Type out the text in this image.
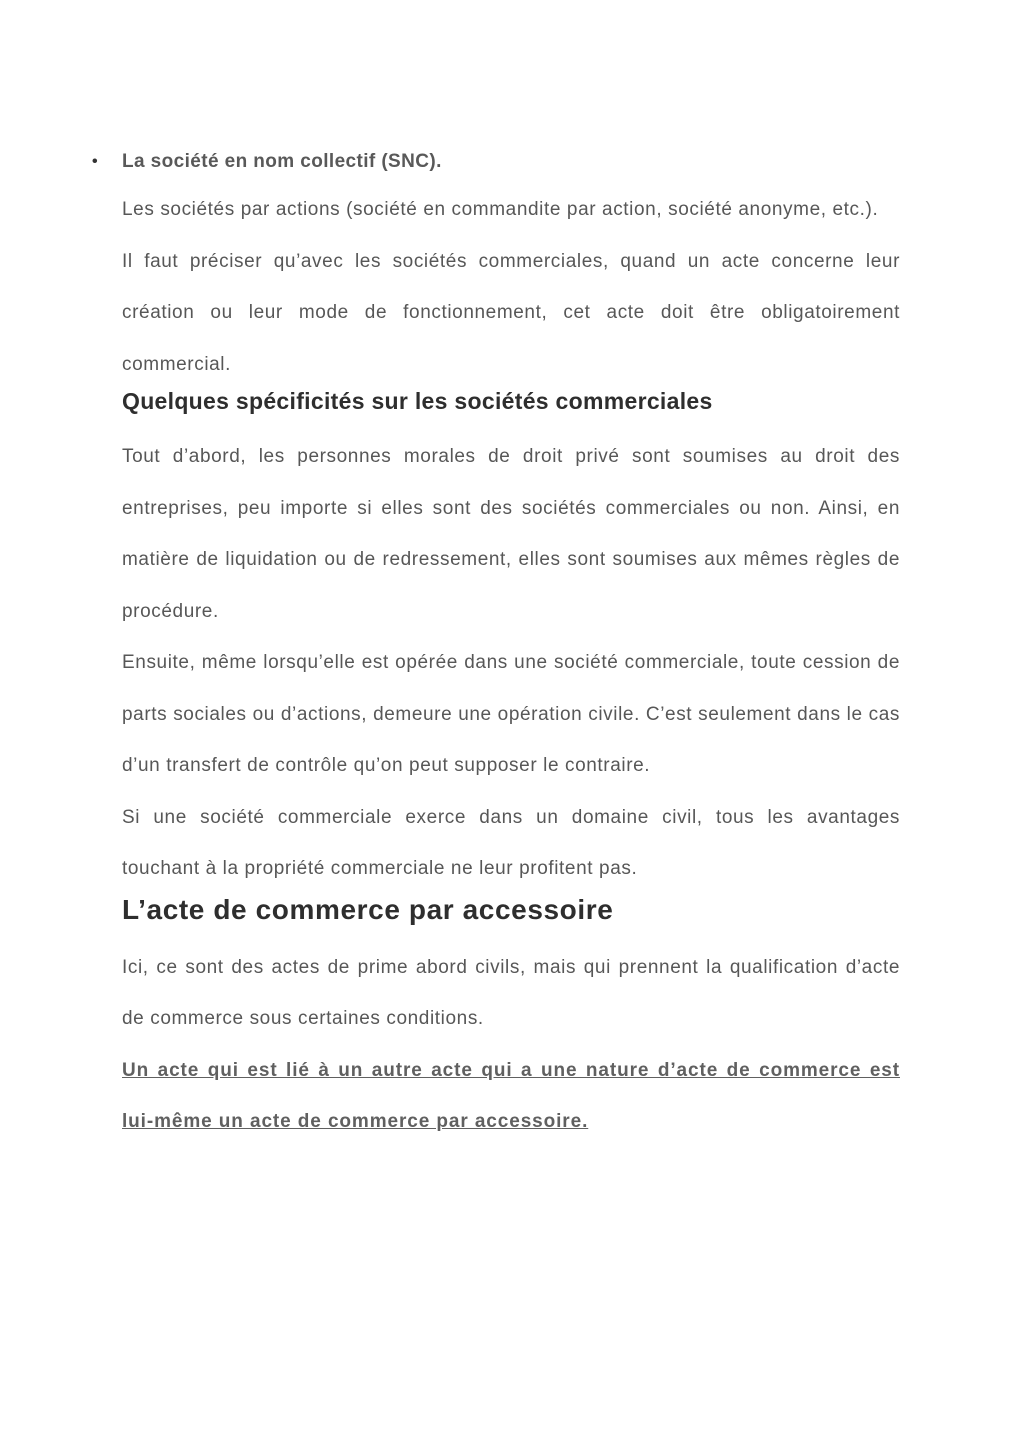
• La société en nom collectif (SNC).

Les sociétés par actions (société en commandite par action, société anonyme, etc.).

Il faut préciser qu’avec les sociétés commerciales, quand un acte concerne leur création ou leur mode de fonctionnement, cet acte doit être obligatoirement commercial.

Quelques spécificités sur les sociétés commerciales

Tout d’abord, les personnes morales de droit privé sont soumises au droit des entreprises, peu importe si elles sont des sociétés commerciales ou non. Ainsi, en matière de liquidation ou de redressement, elles sont soumises aux mêmes règles de procédure.

Ensuite, même lorsqu’elle est opérée dans une société commerciale, toute cession de parts sociales ou d’actions, demeure une opération civile. C’est seulement dans le cas d’un transfert de contrôle qu’on peut supposer le contraire.

Si une société commerciale exerce dans un domaine civil, tous les avantages touchant à la propriété commerciale ne leur profitent pas.

L’acte de commerce par accessoire

Ici, ce sont des actes de prime abord civils, mais qui prennent la qualification d’acte de commerce sous certaines conditions.

Un acte qui est lié à un autre acte qui a une nature d’acte de commerce est lui-même un acte de commerce par accessoire.
